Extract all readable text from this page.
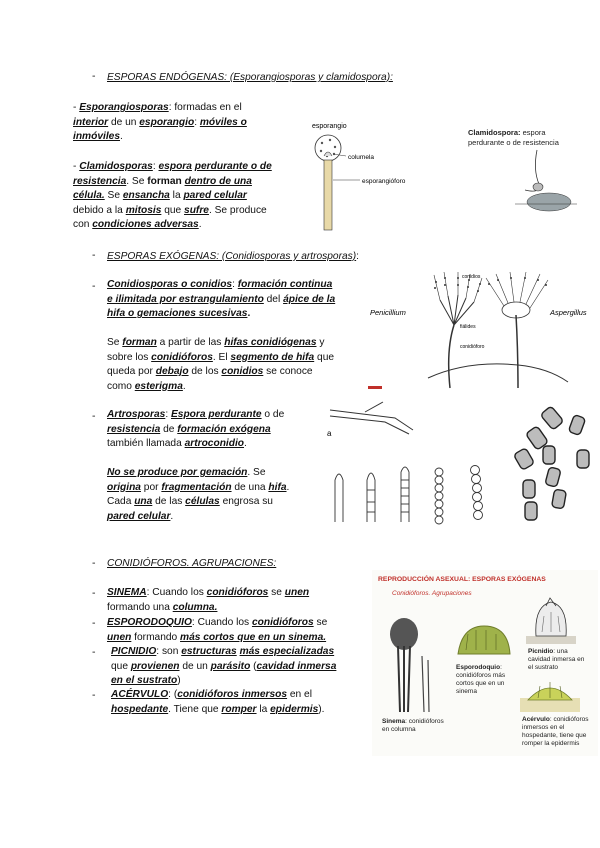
- ESPORAS ENDÓGENAS: (Esporangiosporas y clamidospora):
- Esporangiosporas: formadas en el
interior de un esporangio: móviles o
inmóviles.
- Clamidosporas: espora perdurante o de
resistencia. Se forman dentro de una
célula. Se ensancha la pared celular
debido a la mitosis que sufre. Se produce
con condiciones adversas.
esporangio
columela
esporangióforo
Clamidospora: espora
perdurante o de resistencia
- ESPORAS EXÓGENAS: (Conidiosporas y artrosporas):
- Conidiosporas o conidios: formación continua
e ilimitada por estrangulamiento del ápice de la
hifa o gemaciones sucesivas.
Se forman a partir de las hifas conidiógenas y
sobre los conidióforos. El segmento de hifa que
queda por debajo de los conidios se conoce
como esterigma.
Penicillium	Aspergillus
conidios
fiálides
conidióforo
- Artrosporas: Espora perdurante o de
resistencia de formación exógena
también llamada artroconidio.
No se produce por gemación. Se
origina por fragmentación de una hifa.
Cada una de las células engrosa su
pared celular.
a
- CONIDIÓFOROS. AGRUPACIONES:
- SINEMA: Cuando los conidióforos se unen
formando una columna.
- ESPORODOQUIO: Cuando los conidióforos se
unen formando más cortos que en un sinema.
- PICNIDIO: son estructuras más especializadas
que provienen de un parásito (cavidad inmersa
en el sustrato)
- ACÉRVULO: (conidióforos inmersos en el
hospedante. Tiene que romper la epidermis).
REPRODUCCIÓN ASEXUAL: ESPORAS EXÓGENAS
Conidióforos. Agrupaciones
Sinema: conidióforos en columna
Esporodoquio: conidióforos más cortos que en un sinema
Picnidio: una cavidad inmersa en el sustrato
Acérvulo: conidióforos inmersos en el hospedante, tiene que romper la epidermis
